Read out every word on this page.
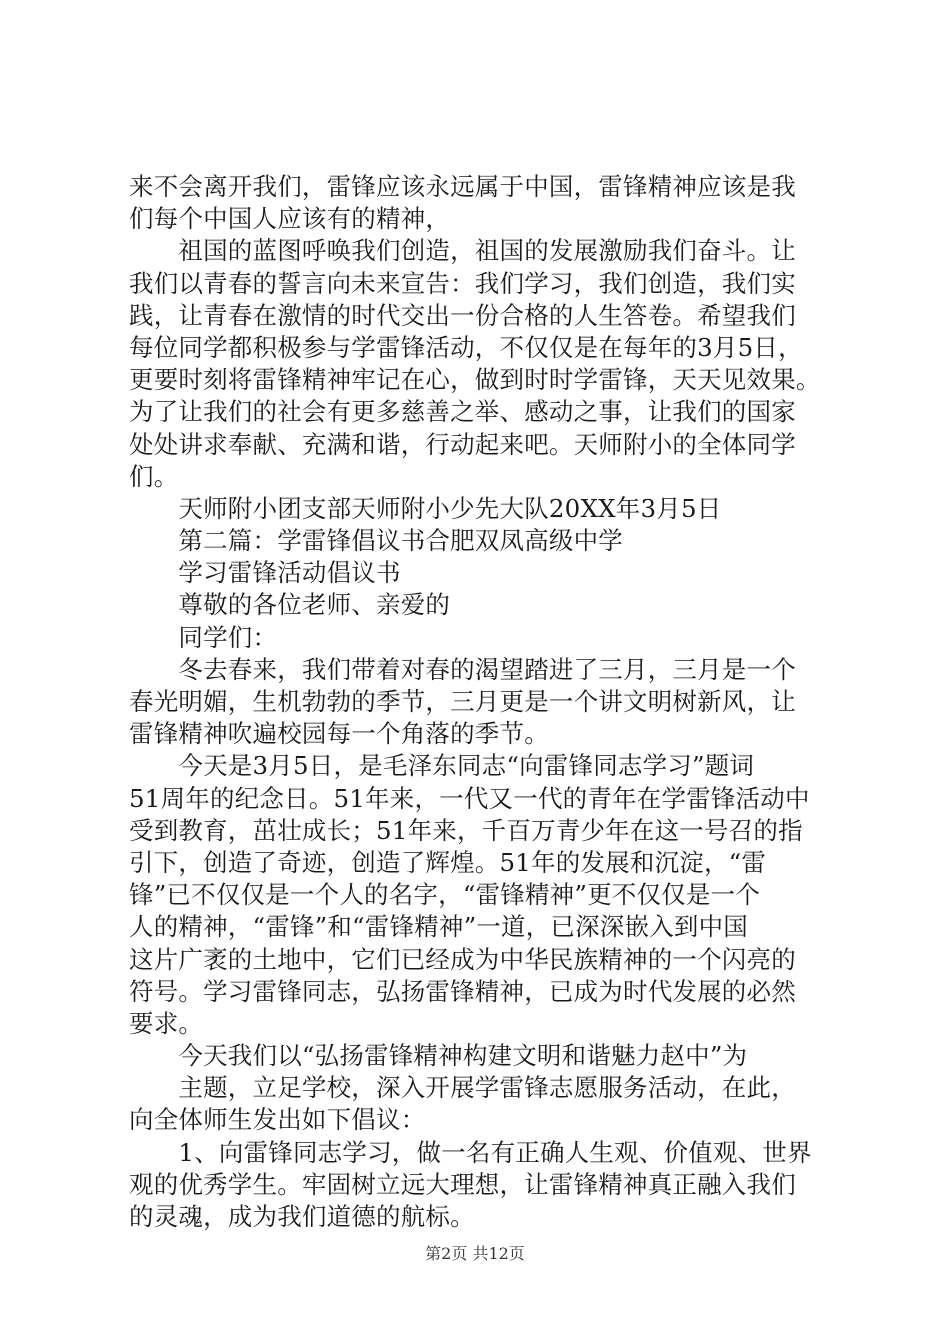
来不会离开我们，雷锋应该永远属于中国，雷锋精神应该是我
们每个中国人应该有的精神，
　　祖国的蓝图呼唤我们创造，祖国的发展激励我们奋斗。让
我们以青春的誓言向未来宣告：我们学习，我们创造，我们实
践，让青春在激情的时代交出一份合格的人生答卷。希望我们
每位同学都积极参与学雷锋活动，不仅仅是在每年的3月5日，
更要时刻将雷锋精神牢记在心，做到时时学雷锋，天天见效果。
为了让我们的社会有更多慈善之举、感动之事，让我们的国家
处处讲求奉献、充满和谐，行动起来吧。天师附小的全体同学
们。
　　天师附小团支部天师附小少先大队20XX年3月5日
　　第二篇：学雷锋倡议书合肥双凤高级中学
　　学习雷锋活动倡议书
　　尊敬的各位老师、亲爱的
　　同学们：
　　冬去春来，我们带着对春的渴望踏进了三月，三月是一个
春光明媚，生机勃勃的季节，三月更是一个讲文明树新风，让
雷锋精神吹遍校园每一个角落的季节。
　　今天是3月5日，是毛泽东同志“向雷锋同志学习”题词
51周年的纪念日。51年来，一代又一代的青年在学雷锋活动中
受到教育，茁壮成长；51年来，千百万青少年在这一号召的指
引下，创造了奇迹，创造了辉煌。51年的发展和沉淀，“雷
锋”已不仅仅是一个人的名字，“雷锋精神”更不仅仅是一个
人的精神，“雷锋”和“雷锋精神”一道，已深深嵌入到中国
这片广袤的土地中，它们已经成为中华民族精神的一个闪亮的
符号。学习雷锋同志，弘扬雷锋精神，已成为时代发展的必然
要求。
　　今天我们以“弘扬雷锋精神构建文明和谐魅力赵中”为
　　主题，立足学校，深入开展学雷锋志愿服务活动，在此，
向全体师生发出如下倡议：
　　1、向雷锋同志学习，做一名有正确人生观、价值观、世界
观的优秀学生。牢固树立远大理想，让雷锋精神真正融入我们
的灵魂，成为我们道德的航标。
第2页 共12页
